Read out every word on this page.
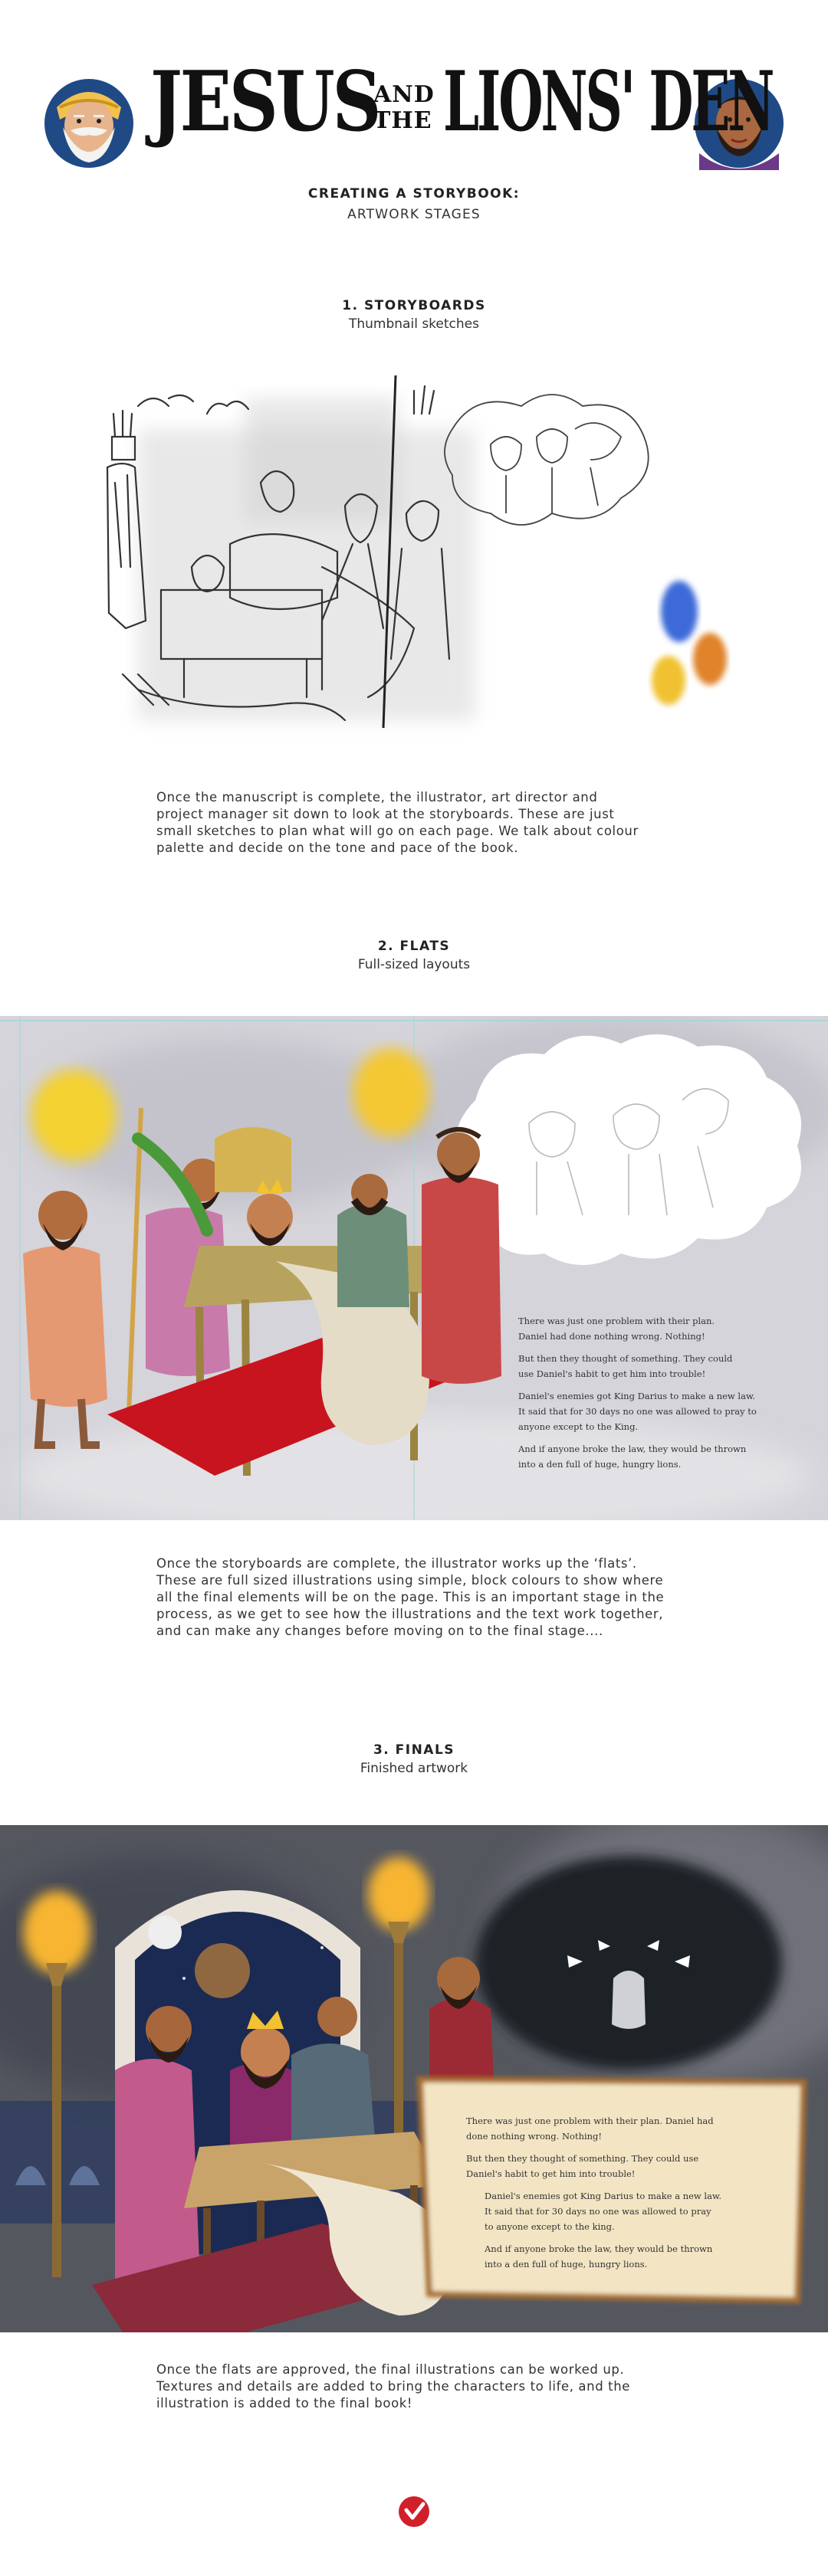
JESUS
AND
THE LIONS' DEN
CREATING A STORYBOOK:
ARTWORK STAGES
1. STORYBOARDS
Thumbnail sketches
Once the manuscript is complete, the illustrator, art director and
project manager sit down to look at the storyboards. These are just
small sketches to plan what will go on each page. We talk about colour
palette and decide on the tone and pace of the book.
2. FLATS
Full-sized layouts

There was just one problem with their plan.
Daniel had done nothing wrong. Nothing!

But then they thought of something. They could
use Daniel's habit to get him into trouble!

Daniel's enemies got King Darius to make a new law.
It said that for 30 days no one was allowed to pray to
anyone except to the King.

And if anyone broke the law, they would be thrown
into a den full of huge, hungry lions.

Once the storyboards are complete, the illustrator works up the ‘flats’.
These are full sized illustrations using simple, block colours to show where
all the final elements will be on the page. This is an important stage in the
process, as we get to see how the illustrations and the text work together,
and can make any changes before moving on to the final stage....
3. FINALS
Finished artwork

There was just one problem with their plan. Daniel had
done nothing wrong. Nothing!

But then they thought of something. They could use
Daniel's habit to get him into trouble!

Daniel's enemies got King Darius to make a new law.
It said that for 30 days no one was allowed to pray
to anyone except to the king.

And if anyone broke the law, they would be thrown
into a den full of huge, hungry lions.

Once the flats are approved, the final illustrations can be worked up.
Textures and details are added to bring the characters to life, and the
illustration is added to the final book!
